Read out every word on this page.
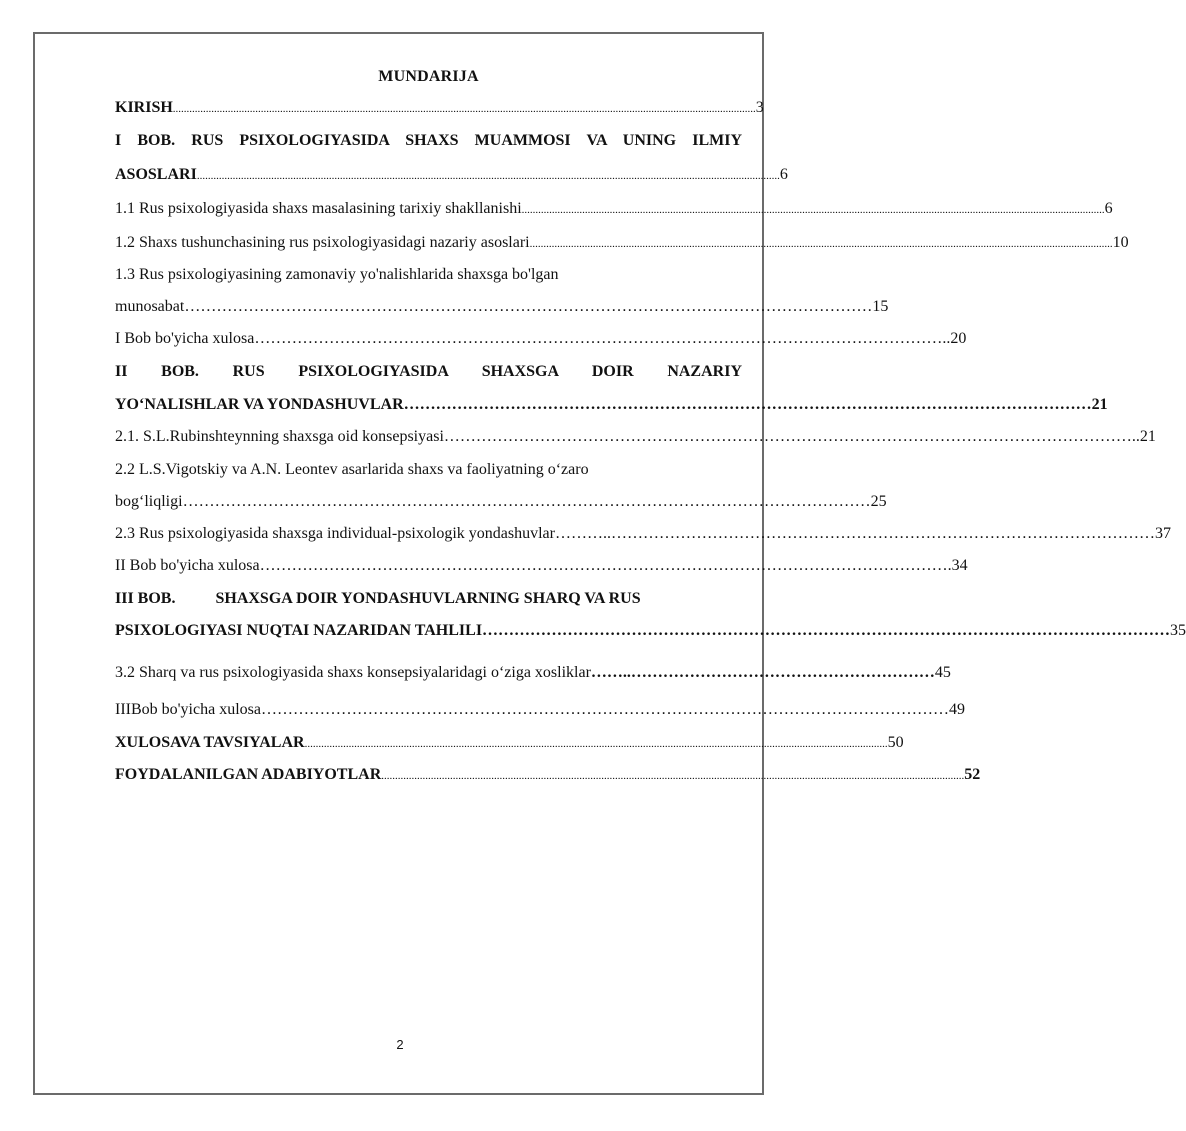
MUNDARIJA
KIRISH .................................................................................................................................................................................................................... 3
I BOB. RUS PSIXOLOGIYASIDA SHAXS MUAMMOSI VA UNING ILMIY
ASOSLARI .................................................................................................................................................................................................................... 6
1.1 Rus psixologiyasida shaxs masalasining tarixiy shakllanishi .................................................................................................................................................................................................................... 6
1.2 Shaxs tushunchasining rus psixologiyasidagi nazariy asoslari .................................................................................................................................................................................................................... 10
1.3 Rus psixologiyasining zamonaviy yo'nalishlarida shaxsga bo'lgan
munosabat ………………………………………………………………………………………………………………… 15
I Bob bo'yicha xulosa ………………………………………………………………………………………………………………… ..20
II BOB. RUS PSIXOLOGIYASIDA SHAXSGA DOIR NAZARIY
YO‘NALISHLAR VA YONDASHUVLAR ………………………………………………………………………………………………………………… 21
2.1. S.L.Rubinshteynning shaxsga oid konsepsiyasi ………………………………………………………………………………………………………………… ..21
2.2 L.S.Vigotskiy va A.N. Leontev asarlarida shaxs va faoliyatning o‘zaro
bog‘liqligi ………………………………………………………………………………………………………………… 25
2.3 Rus psixologiyasida shaxsga individual-psixologik yondashuvlar ………..………………………………………………………………………………………… 37
II Bob bo'yicha xulosa ………………………………………………………………………………………………………………… .34
III BOB.          SHAXSGA DOIR YONDASHUVLARNING SHARQ VA RUS
PSIXOLOGIYASI NUQTAI NAZARIDAN TAHLILI ………………………………………………………………………………………………………………… 35
3.2 Sharq va rus psixologiyasida shaxs konsepsiyalaridagi o‘ziga xosliklar ……..………………………………………………… 45
IIIBob bo'yicha xulosa ………………………………………………………………………………………………………………… 49
XULOSAVA TAVSIYALAR .................................................................................................................................................................................................................... 50
FOYDALANILGAN ADABIYOTLAR .................................................................................................................................................................................................................... 52
2
